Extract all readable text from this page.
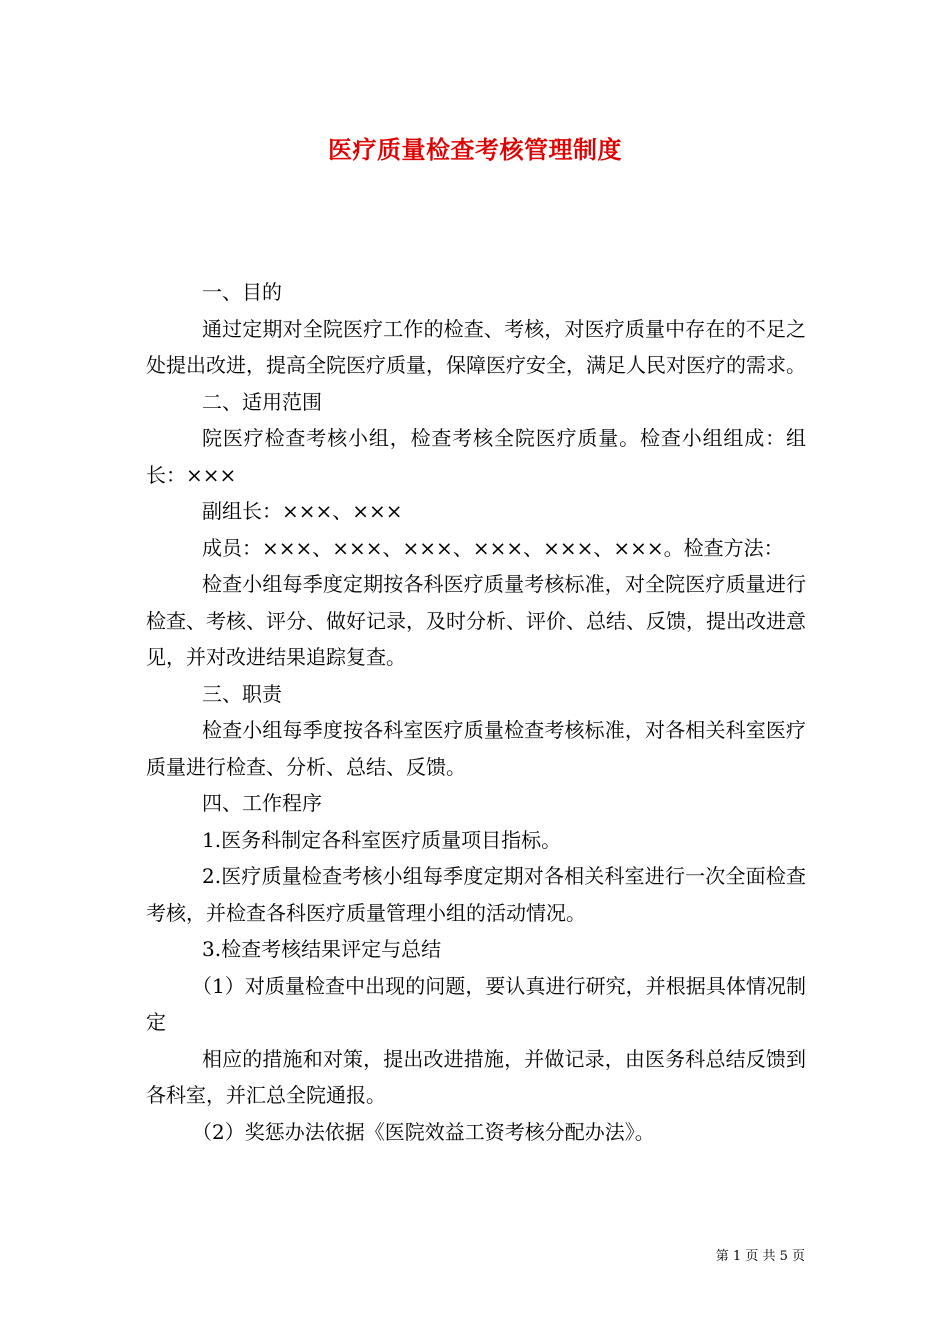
医疗质量检查考核管理制度

一、目的

通过定期对全院医疗工作的检查、考核，对医疗质量中存在的不足之处提出改进，提高全院医疗质量，保障医疗安全，满足人民对医疗的需求。

二、适用范围

院医疗检查考核小组，检查考核全院医疗质量。检查小组组成：组长：×××

副组长：×××、×××

成员：×××、×××、×××、×××、×××、×××。检查方法：

检查小组每季度定期按各科医疗质量考核标准，对全院医疗质量进行检查、考核、评分、做好记录，及时分析、评价、总结、反馈，提出改进意见，并对改进结果追踪复查。

三、职责

检查小组每季度按各科室医疗质量检查考核标准，对各相关科室医疗质量进行检查、分析、总结、反馈。

四、工作程序

1.医务科制定各科室医疗质量项目指标。

2.医疗质量检查考核小组每季度定期对各相关科室进行一次全面检查考核，并检查各科医疗质量管理小组的活动情况。

3.检查考核结果评定与总结

（1）对质量检查中出现的问题，要认真进行研究，并根据具体情况制定

相应的措施和对策，提出改进措施，并做记录，由医务科总结反馈到各科室，并汇总全院通报。

（2）奖惩办法依据《医院效益工资考核分配办法》。

第 1 页 共 5 页
